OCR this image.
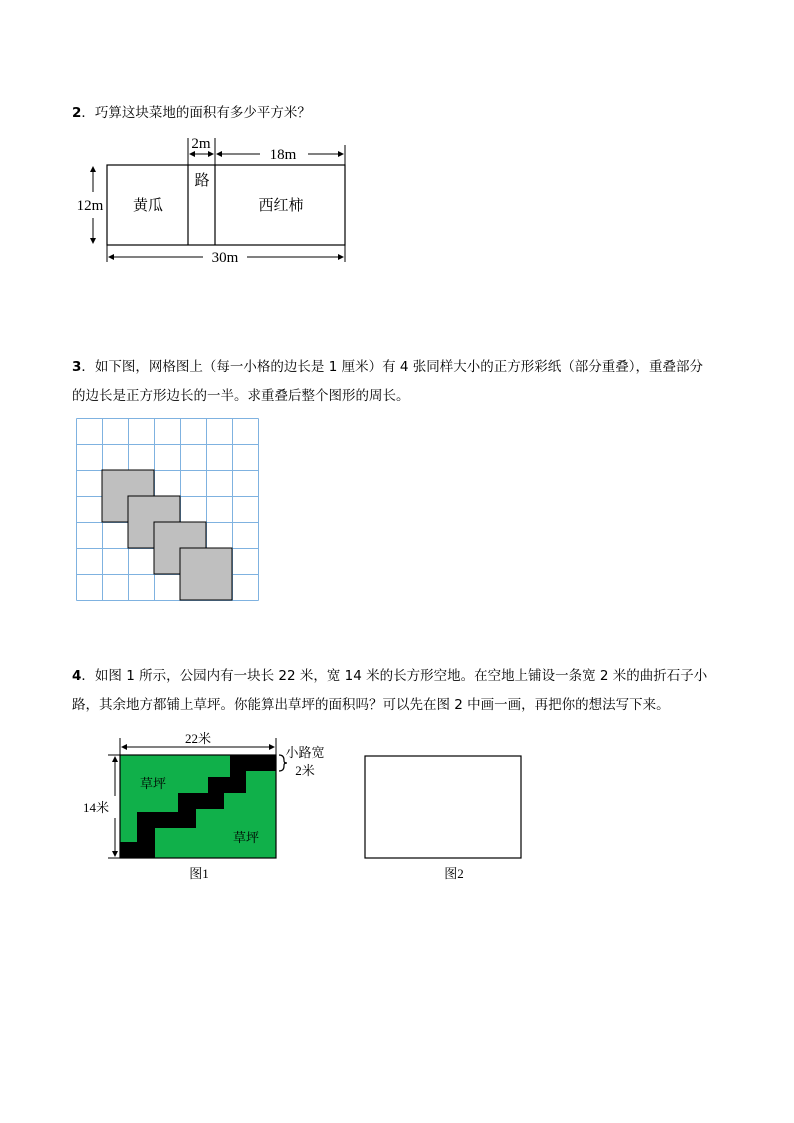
2．巧算这块菜地的面积有多少平方米？
2m
18m
12m
30m
路
黄瓜	西红柿
3．如下图，网格图上（每一小格的边长是 1 厘米）有 4 张同样大小的正方形彩纸（部分重叠），重叠部分
的边长是正方形边长的一半。求重叠后整个图形的周长。
4．如图 1 所示，公园内有一块长 22 米，宽 14 米的长方形空地。在空地上铺设一条宽 2 米的曲折石子小
路，其余地方都铺上草坪。你能算出草坪的面积吗？可以先在图 2 中画一画，再把你的想法写下来。
22米
14米
小路宽
2米
草坪
草坪
图1	图2
